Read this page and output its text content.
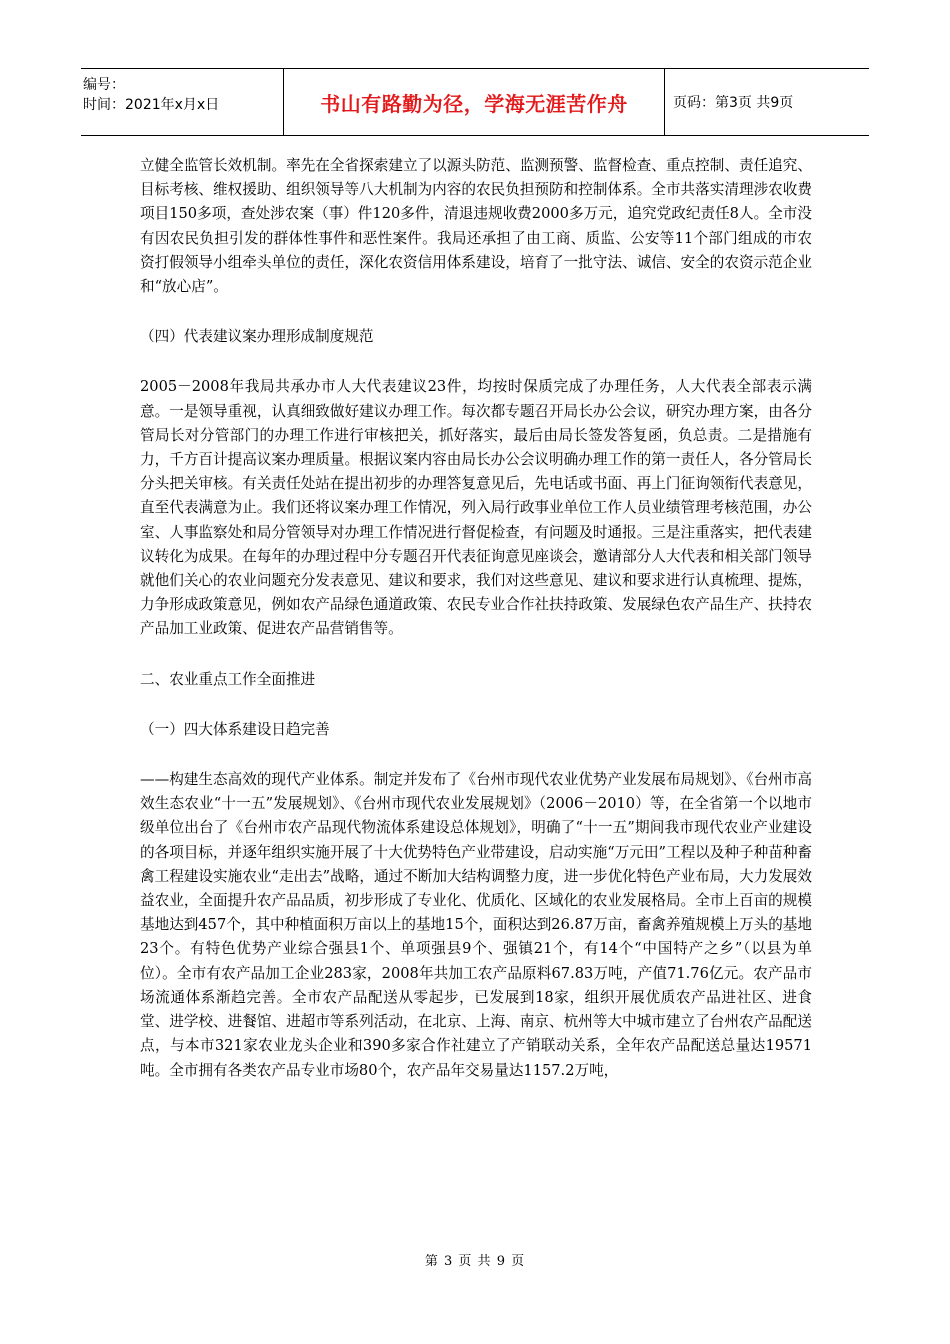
编号：
时间：2021年x月x日	书山有路勤为径，学海无涯苦作舟	页码：第3页 共9页

立健全监管长效机制。率先在全省探索建立了以源头防范、监测预警、监督检查、重点控制、责任追究、目标考核、维权援助、组织领导等八大机制为内容的农民负担预防和控制体系。全市共落实清理涉农收费项目150多项，查处涉农案（事）件120多件，清退违规收费2000多万元，追究党政纪责任8人。全市没有因农民负担引发的群体性事件和恶性案件。我局还承担了由工商、质监、公安等11个部门组成的市农资打假领导小组牵头单位的责任，深化农资信用体系建设，培育了一批守法、诚信、安全的农资示范企业和“放心店”。

（四）代表建议案办理形成制度规范

2005－2008年我局共承办市人大代表建议23件，均按时保质完成了办理任务，人大代表全部表示满意。一是领导重视，认真细致做好建议办理工作。每次都专题召开局长办公会议，研究办理方案，由各分管局长对分管部门的办理工作进行审核把关，抓好落实，最后由局长签发答复函，负总责。二是措施有力，千方百计提高议案办理质量。根据议案内容由局长办公会议明确办理工作的第一责任人，各分管局长分头把关审核。有关责任处站在提出初步的办理答复意见后，先电话或书面、再上门征询领衔代表意见，直至代表满意为止。我们还将议案办理工作情况，列入局行政事业单位工作人员业绩管理考核范围，办公室、人事监察处和局分管领导对办理工作情况进行督促检查，有问题及时通报。三是注重落实，把代表建议转化为成果。在每年的办理过程中分专题召开代表征询意见座谈会，邀请部分人大代表和相关部门领导就他们关心的农业问题充分发表意见、建议和要求，我们对这些意见、建议和要求进行认真梳理、提炼，力争形成政策意见，例如农产品绿色通道政策、农民专业合作社扶持政策、发展绿色农产品生产、扶持农产品加工业政策、促进农产品营销售等。

二、农业重点工作全面推进

（一）四大体系建设日趋完善

——构建生态高效的现代产业体系。制定并发布了《台州市现代农业优势产业发展布局规划》、《台州市高效生态农业“十一五”发展规划》、《台州市现代农业发展规划》（2006－2010）等，在全省第一个以地市级单位出台了《台州市农产品现代物流体系建设总体规划》，明确了“十一五”期间我市现代农业产业建设的各项目标，并逐年组织实施开展了十大优势特色产业带建设，启动实施“万元田”工程以及种子种苗种畜禽工程建设实施农业“走出去”战略，通过不断加大结构调整力度，进一步优化特色产业布局，大力发展效益农业，全面提升农产品品质，初步形成了专业化、优质化、区域化的农业发展格局。全市上百亩的规模基地达到457个，其中种植面积万亩以上的基地15个，面积达到26.87万亩，畜禽养殖规模上万头的基地23个。有特色优势产业综合强县1个、单项强县9个、强镇21个，有14个“中国特产之乡”（以县为单位）。全市有农产品加工企业283家，2008年共加工农产品原料67.83万吨，产值71.76亿元。农产品市场流通体系渐趋完善。全市农产品配送从零起步，已发展到18家，组织开展优质农产品进社区、进食堂、进学校、进餐馆、进超市等系列活动，在北京、上海、南京、杭州等大中城市建立了台州农产品配送点，与本市321家农业龙头企业和390多家合作社建立了产销联动关系，全年农产品配送总量达19571吨。全市拥有各类农产品专业市场80个，农产品年交易量达1157.2万吨，

第 3 页 共 9 页
